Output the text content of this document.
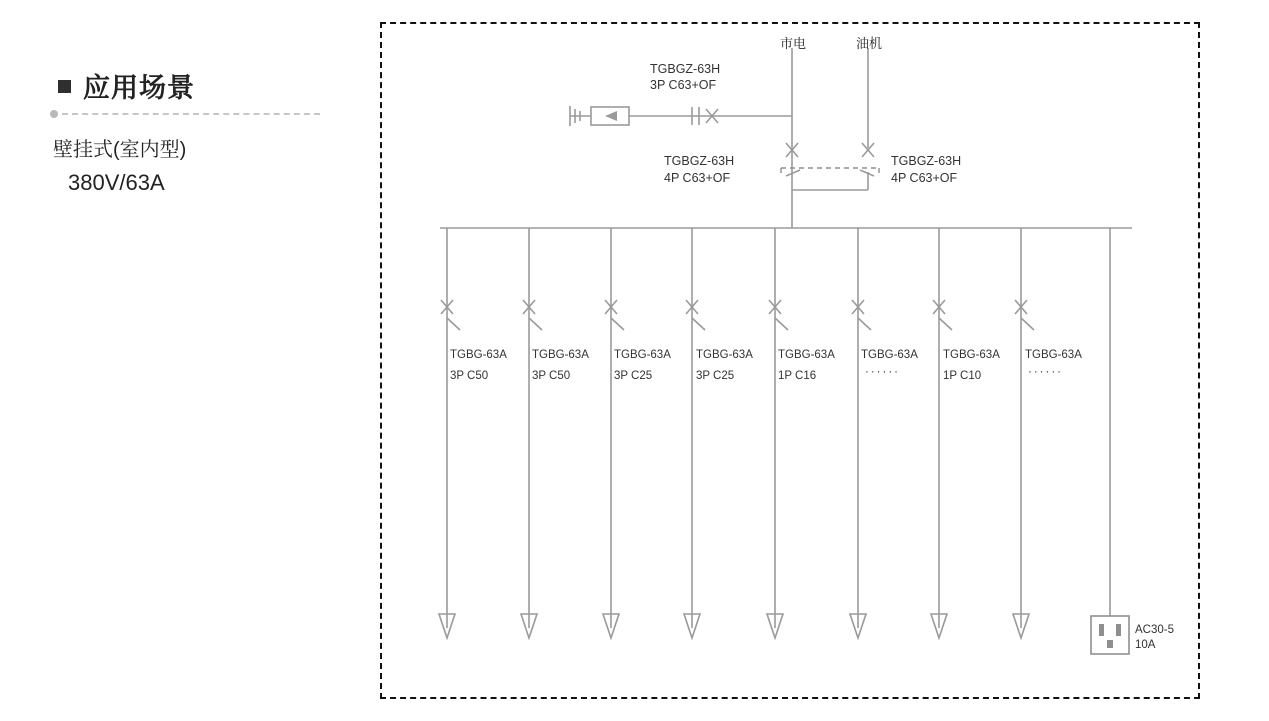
应用场景
壁挂式(室内型)
380V/63A
市电	油机
TGBGZ-63H
3P C63+OF
TGBGZ-63H
4P C63+OF
TGBGZ-63H
4P C63+OF
TGBG-63A
3P C50
TGBG-63A
3P C50
TGBG-63A
3P C25
TGBG-63A
3P C25
TGBG-63A
1P C16
TGBG-63A
······
TGBG-63A
1P C10
TGBG-63A
······
AC30-5
10A
